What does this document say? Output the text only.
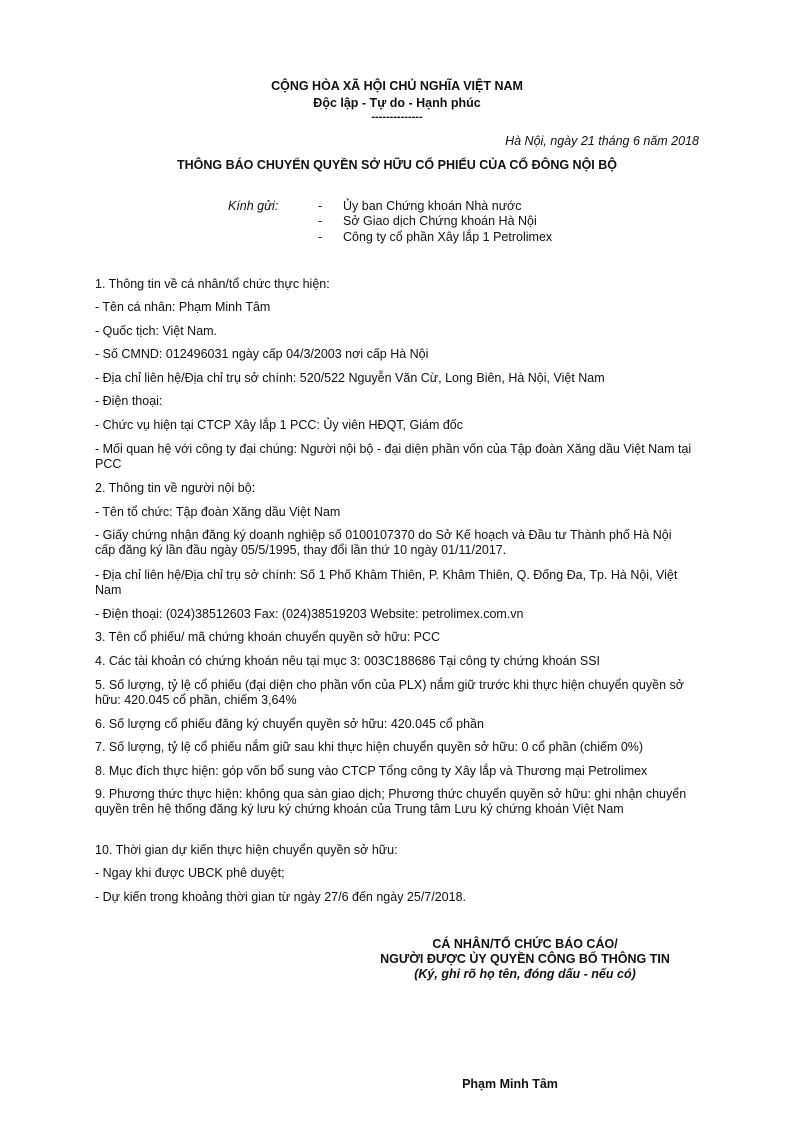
CỘNG HÒA XÃ HỘI CHỦ NGHĨA VIỆT NAM
Độc lập - Tự do - Hạnh phúc
--------------
Hà Nội, ngày 21 tháng 6 năm 2018
THÔNG BÁO CHUYỂN QUYỀN SỞ HỮU CỔ PHIẾU CỦA CỔ ĐÔNG NỘI BỘ
Kính gửi:	- Ủy ban Chứng khoán Nhà nước
- Sở Giao dịch Chứng khoán Hà Nội
- Công ty cổ phần Xây lắp 1 Petrolimex
1. Thông tin về cá nhân/tổ chức thực hiện:
- Tên cá nhân: Phạm Minh Tâm
- Quốc tịch: Việt Nam.
- Số CMND: 012496031 ngày cấp 04/3/2003 nơi cấp Hà Nội
- Địa chỉ liên hệ/Địa chỉ trụ sở chính: 520/522 Nguyễn Văn Cừ, Long Biên, Hà Nội, Việt Nam
- Điện thoại:
- Chức vụ hiện tại CTCP Xây lắp 1 PCC: Ủy viên HĐQT, Giám đốc
- Mối quan hệ với công ty đại chúng: Người nội bộ - đại diện phần vốn của Tập đoàn Xăng dầu Việt Nam tại PCC
2. Thông tin về người nội bộ:
- Tên tổ chức: Tập đoàn Xăng dầu Việt Nam
- Giấy chứng nhận đăng ký doanh nghiệp số 0100107370 do Sở Kế hoạch và Đầu tư Thành phố Hà Nội cấp đăng ký lần đầu ngày 05/5/1995, thay đổi lần thứ 10 ngày 01/11/2017.
- Địa chỉ liên hệ/Địa chỉ trụ sở chính: Số 1 Phố Khâm Thiên, P. Khâm Thiên, Q. Đống Đa, Tp. Hà Nội, Việt Nam
- Điện thoại: (024)38512603 Fax: (024)38519203 Website: petrolimex.com.vn
3. Tên cổ phiếu/ mã chứng khoán chuyển quyền sở hữu: PCC
4. Các tài khoản có chứng khoán nêu tại mục 3: 003C188686 Tại công ty chứng khoán SSI
5. Số lượng, tỷ lệ cổ phiếu (đại diện cho phần vốn của PLX) nắm giữ trước khi thực hiện chuyển quyền sở hữu: 420.045 cổ phần, chiếm 3,64%
6. Số lượng cổ phiếu đăng ký chuyển quyền sở hữu: 420.045 cổ phần
7. Số lượng, tỷ lệ cổ phiếu nắm giữ sau khi thực hiện chuyển quyền sở hữu: 0 cổ phần (chiếm 0%)
8. Mục đích thực hiện: góp vốn bổ sung vào CTCP Tổng công ty Xây lắp và Thương mại Petrolimex
9. Phương thức thực hiện: không qua sàn giao dịch; Phương thức chuyển quyền sở hữu: ghi nhận chuyển quyền trên hệ thống đăng ký lưu ký chứng khoán của Trung tâm Lưu ký chứng khoán Việt Nam
10. Thời gian dự kiến thực hiện chuyển quyền sở hữu:
- Ngay khi được UBCK phê duyệt;
- Dự kiến trong khoảng thời gian từ ngày 27/6 đến ngày 25/7/2018.
CÁ NHÂN/TỔ CHỨC BÁO CÁO/
NGƯỜI ĐƯỢC ỦY QUYỀN CÔNG BỐ THÔNG TIN
(Ký, ghi rõ họ tên, đóng dấu - nếu có)
Phạm Minh Tâm
